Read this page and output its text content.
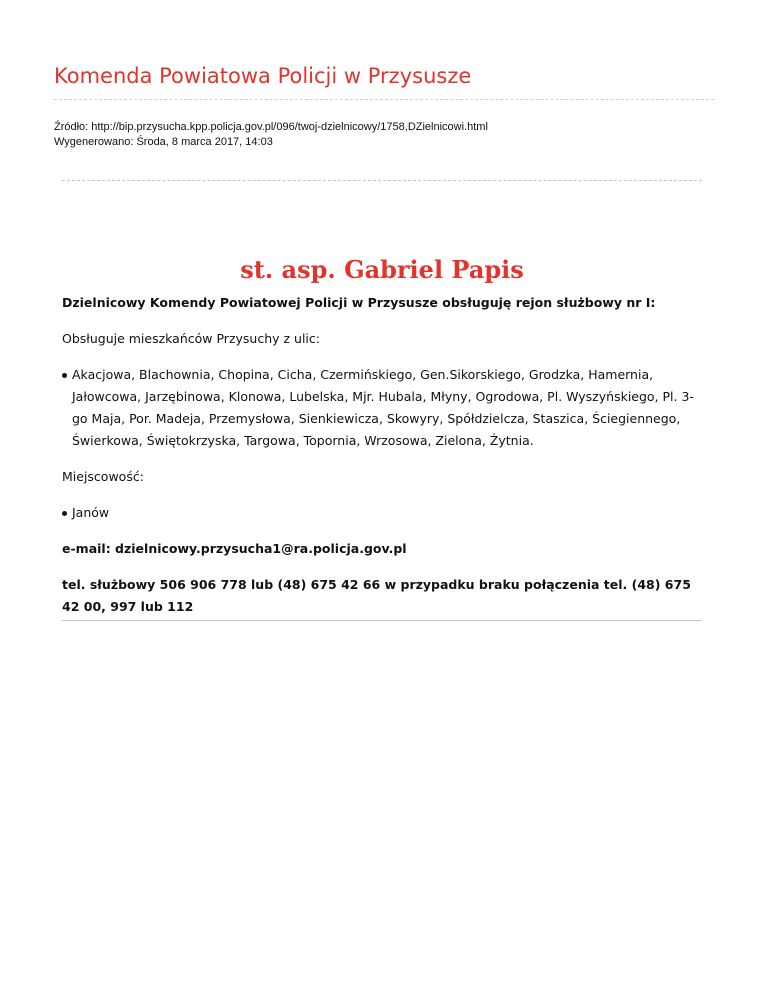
Komenda Powiatowa Policji w Przysusze
Źródło: http://bip.przysucha.kpp.policja.gov.pl/096/twoj-dzielnicowy/1758,DZielnicowi.html
Wygenerowano: Środa, 8 marca 2017, 14:03
st. asp. Gabriel Papis

Dzielnicowy Komendy Powiatowej Policji w Przysusze obsługuję rejon służbowy nr I:

Obsługuje mieszkańców Przysuchy z ulic:

Akacjowa, Blachownia, Chopina, Cicha, Czermińskiego, Gen.Sikorskiego, Grodzka, Hamernia, Jałowcowa, Jarzębinowa, Klonowa, Lubelska, Mjr. Hubala, Młyny, Ogrodowa, Pl. Wyszyńskiego, Pl. 3-go Maja, Por. Madeja, Przemysłowa, Sienkiewicza, Skowyry, Spółdzielcza, Staszica, Ściegiennego, Świerkowa, Świętokrzyska, Targowa, Topornia, Wrzosowa, Zielona, Żytnia.

Miejscowość:

Janów

e-mail: dzielnicowy.przysucha1@ra.policja.gov.pl

tel. służbowy 506 906 778 lub (48) 675 42 66 w przypadku braku połączenia tel. (48) 675 42 00, 997 lub 112
